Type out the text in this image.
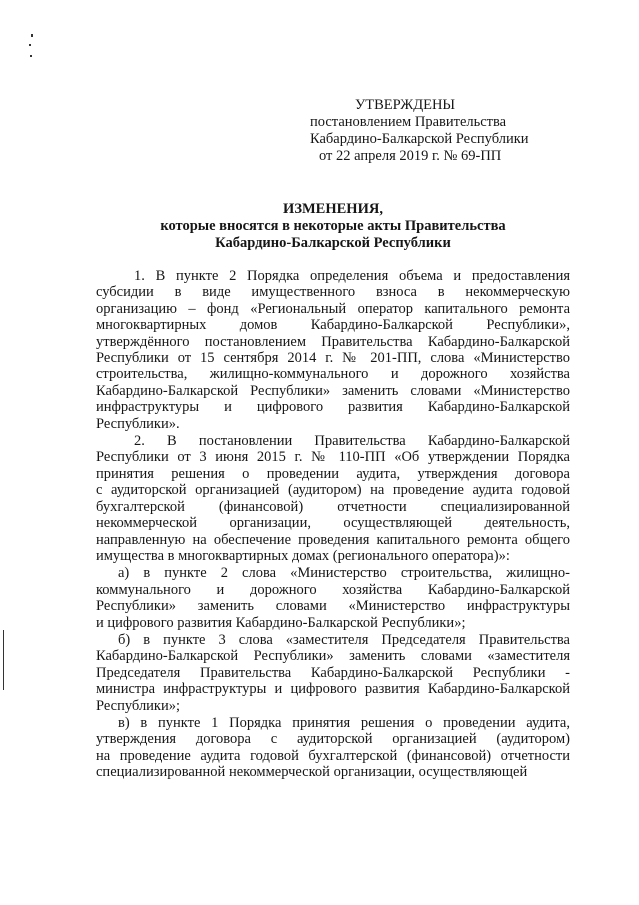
УТВЕРЖДЕНЫ
постановлением Правительства
Кабардино-Балкарской Республики
от 22 апреля 2019 г. № 69-ПП
ИЗМЕНЕНИЯ,
которые вносятся в некоторые акты Правительства
Кабардино-Балкарской Республики
1. В пункте 2 Порядка определения объема и предоставления
субсидии в виде имущественного взноса в некоммерческую
организацию – фонд «Региональный оператор капитального ремонта
многоквартирных домов Кабардино-Балкарской Республики»,
утверждённого постановлением Правительства Кабардино-Балкарской
Республики от 15 сентября 2014 г. № 201-ПП, слова «Министерство
строительства, жилищно-коммунального и дорожного хозяйства
Кабардино-Балкарской Республики» заменить словами «Министерство
инфраструктуры и цифрового развития Кабардино-Балкарской
Республики».
2. В постановлении Правительства Кабардино-Балкарской
Республики от 3 июня 2015 г. № 110-ПП «Об утверждении Порядка
принятия решения о проведении аудита, утверждения договора
с аудиторской организацией (аудитором) на проведение аудита годовой
бухгалтерской (финансовой) отчетности специализированной
некоммерческой организации, осуществляющей деятельность,
направленную на обеспечение проведения капитального ремонта общего
имущества в многоквартирных домах (регионального оператора)»:
а) в пункте 2 слова «Министерство строительства, жилищно-
коммунального и дорожного хозяйства Кабардино-Балкарской
Республики» заменить словами «Министерство инфраструктуры
и цифрового развития Кабардино-Балкарской Республики»;
б) в пункте 3 слова «заместителя Председателя Правительства
Кабардино-Балкарской Республики» заменить словами «заместителя
Председателя Правительства Кабардино-Балкарской Республики -
министра инфраструктуры и цифрового развития Кабардино-Балкарской
Республики»;
в) в пункте 1 Порядка принятия решения о проведении аудита,
утверждения договора с аудиторской организацией (аудитором)
на проведение аудита годовой бухгалтерской (финансовой) отчетности
специализированной некоммерческой организации, осуществляющей
